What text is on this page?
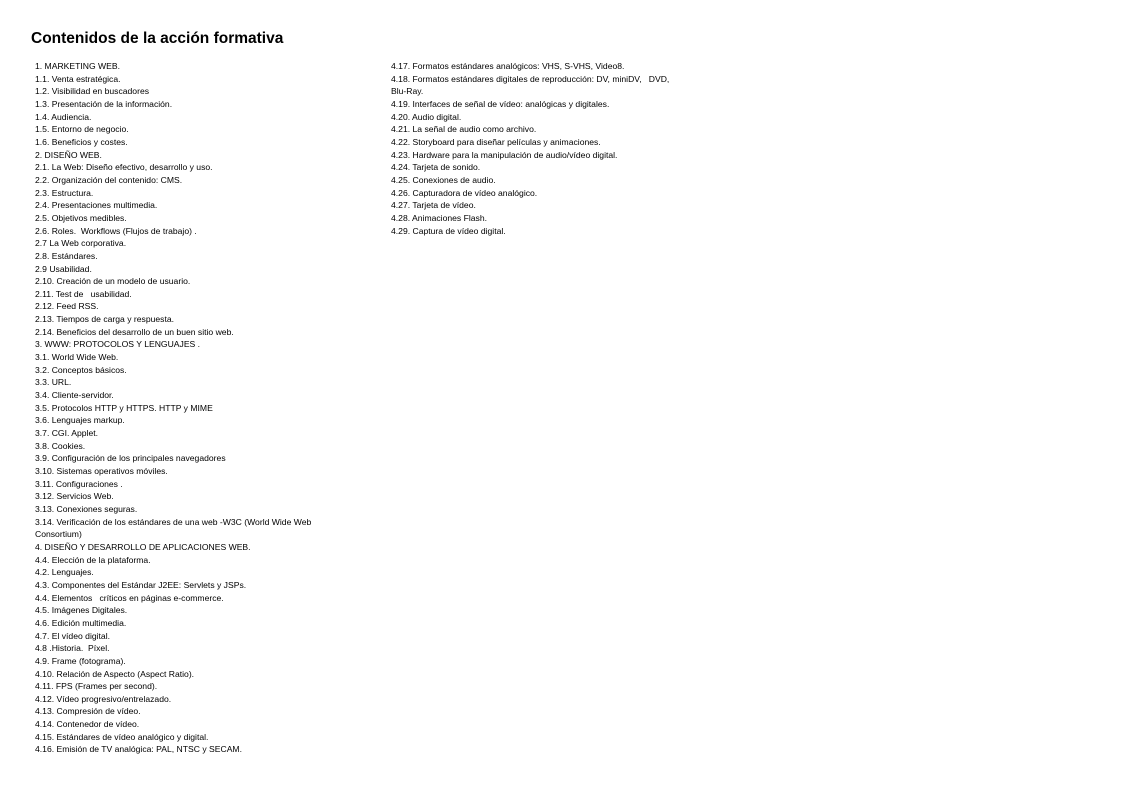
Contenidos de la acción formativa
1. MARKETING WEB.
1.1. Venta estratégica.
1.2. Visibilidad en buscadores
1.3. Presentación de la información.
1.4. Audiencia.
1.5. Entorno de negocio.
1.6. Beneficios y costes.
2. DISEÑO WEB.
2.1. La Web: Diseño efectivo, desarrollo y uso.
2.2. Organización del contenido: CMS.
2.3. Estructura.
2.4. Presentaciones multimedia.
2.5. Objetivos medibles.
2.6. Roles.  Workflows (Flujos de trabajo) .
2.7 La Web corporativa.
2.8. Estándares.
2.9 Usabilidad.
2.10. Creación de un modelo de usuario.
2.11. Test de   usabilidad.
2.12. Feed RSS.
2.13. Tiempos de carga y respuesta.
2.14. Beneficios del desarrollo de un buen sitio web.
3. WWW: PROTOCOLOS Y LENGUAJES .
3.1. World Wide Web.
3.2. Conceptos básicos.
3.3. URL.
3.4. Cliente-servidor.
3.5. Protocolos HTTP y HTTPS. HTTP y MIME
3.6. Lenguajes markup.
3.7. CGI. Applet.
3.8. Cookies.
3.9. Configuración de los principales navegadores
3.10. Sistemas operativos móviles.
3.11. Configuraciones .
3.12. Servicios Web.
3.13. Conexiones seguras.
3.14. Verificación de los estándares de una web -W3C (World Wide Web
Consortium)
4. DISEÑO Y DESARROLLO DE APLICACIONES WEB.
4.4. Elección de la plataforma.
4.2. Lenguajes.
4.3. Componentes del Estándar J2EE: Servlets y JSPs.
4.4. Elementos   críticos en páginas e-commerce.
4.5. Imágenes Digitales.
4.6. Edición multimedia.
4.7. El vídeo digital.
4.8 .Historia.  Píxel.
4.9. Frame (fotograma).
4.10. Relación de Aspecto (Aspect Ratio).
4.11. FPS (Frames per second).
4.12. Vídeo progresivo/entrelazado.
4.13. Compresión de vídeo.
4.14. Contenedor de vídeo.
4.15. Estándares de vídeo analógico y digital.
4.16. Emisión de TV analógica: PAL, NTSC y SECAM.
4.17. Formatos estándares analógicos: VHS, S-VHS, Video8.
4.18. Formatos estándares digitales de reproducción: DV, miniDV,   DVD,
Blu-Ray.
4.19. Interfaces de señal de vídeo: analógicas y digitales.
4.20. Audio digital.
4.21. La señal de audio como archivo.
4.22. Storyboard para diseñar películas y animaciones.
4.23. Hardware para la manipulación de audio/vídeo digital.
4.24. Tarjeta de sonido.
4.25. Conexiones de audio.
4.26. Capturadora de vídeo analógico.
4.27. Tarjeta de vídeo.
4.28. Animaciones Flash.
4.29. Captura de vídeo digital.
